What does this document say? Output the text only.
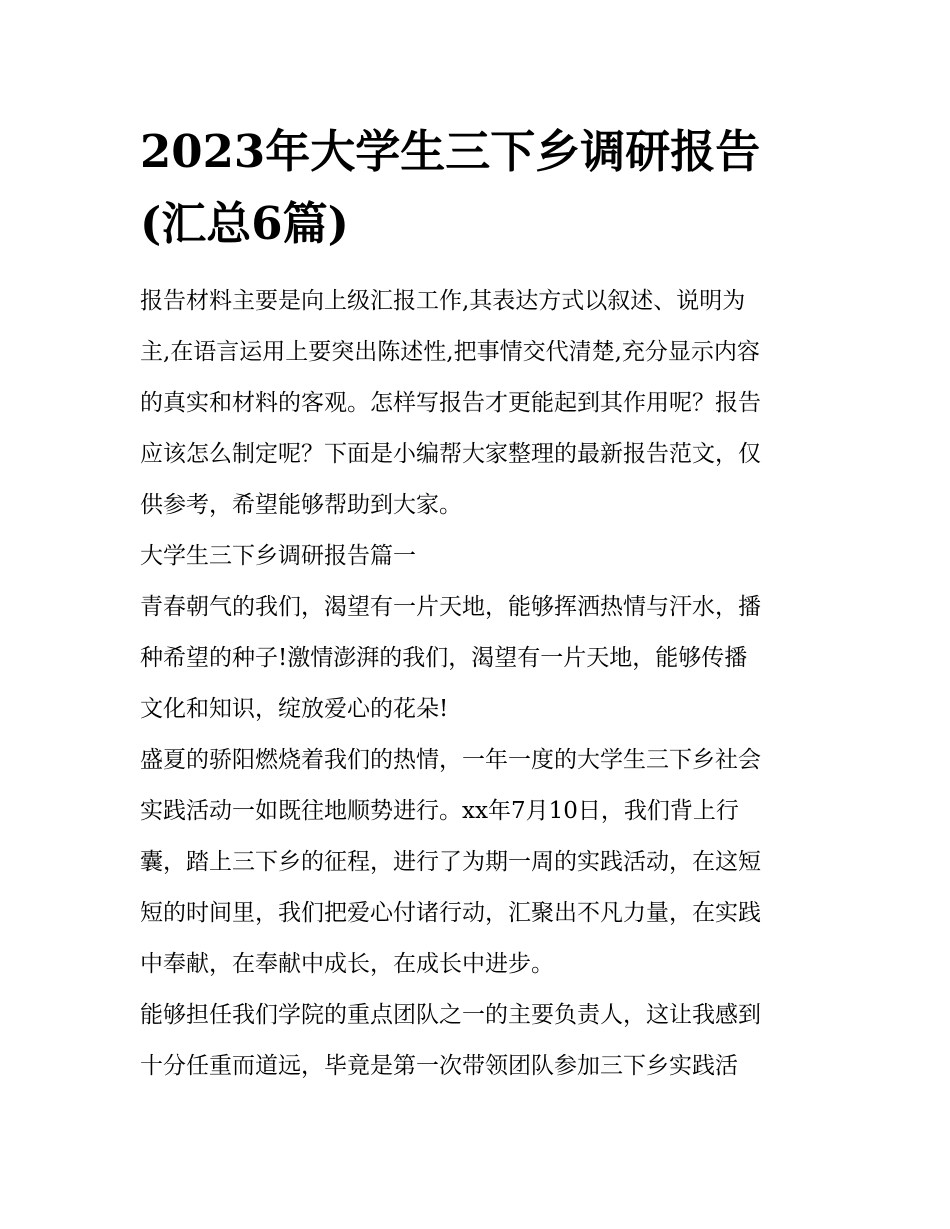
2023年大学生三下乡调研报告
(汇总6篇)

报告材料主要是向上级汇报工作,其表达方式以叙述、说明为
主,在语言运用上要突出陈述性,把事情交代清楚,充分显示内容
的真实和材料的客观。怎样写报告才更能起到其作用呢？报告
应该怎么制定呢？下面是小编帮大家整理的最新报告范文，仅
供参考，希望能够帮助到大家。

大学生三下乡调研报告篇一

青春朝气的我们，渴望有一片天地，能够挥洒热情与汗水，播
种希望的种子!激情澎湃的我们，渴望有一片天地，能够传播
文化和知识，绽放爱心的花朵!

盛夏的骄阳燃烧着我们的热情，一年一度的大学生三下乡社会
实践活动一如既往地顺势进行。xx年7月10日，我们背上行
囊，踏上三下乡的征程，进行了为期一周的实践活动，在这短
短的时间里，我们把爱心付诸行动，汇聚出不凡力量，在实践
中奉献，在奉献中成长，在成长中进步。

能够担任我们学院的重点团队之一的主要负责人，这让我感到
十分任重而道远，毕竟是第一次带领团队参加三下乡实践活
